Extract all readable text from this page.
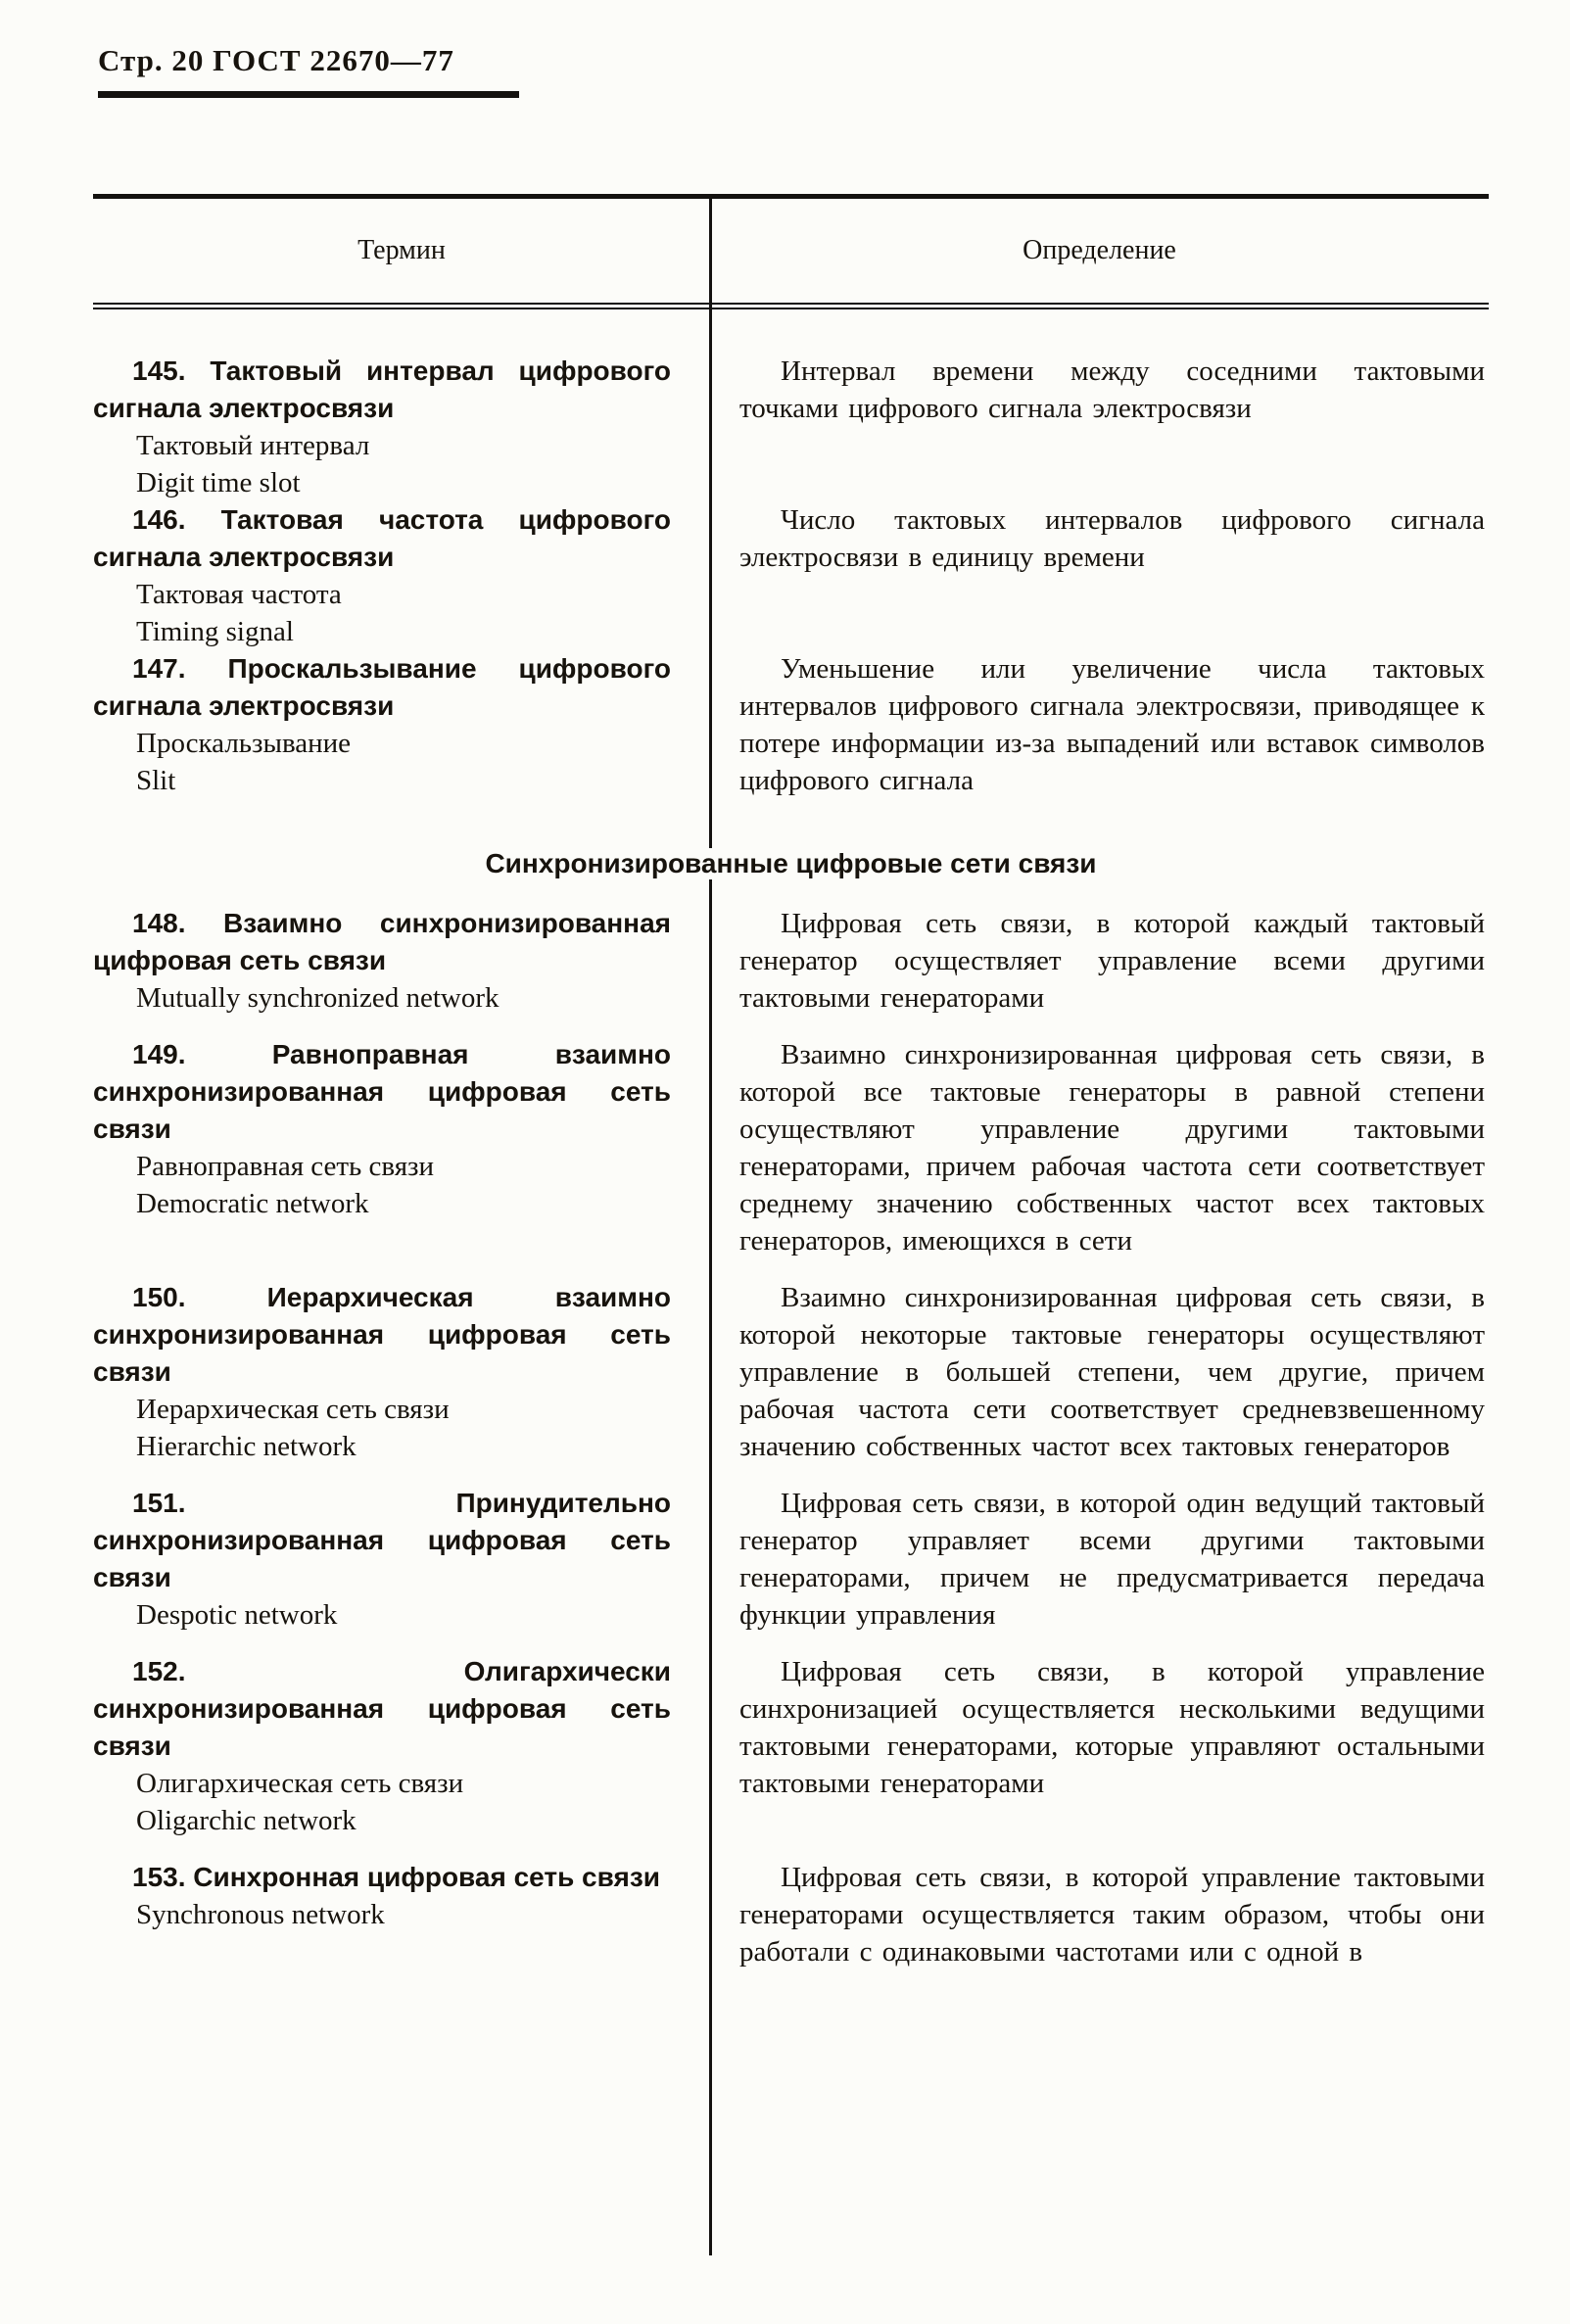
Стр. 20 ГОСТ 22670—77
Термин	Определение

145. Тактовый интервал цифрового сигнала электросвязи

Тактовый интервал

Digit time slot

Интервал времени между соседними тактовыми точками цифрового сигнала электросвязи

146. Тактовая частота цифрового сигнала электросвязи

Тактовая частота

Timing signal

Число тактовых интервалов цифрового сигнала электросвязи в единицу времени

147. Проскальзывание цифрового сигнала электросвязи

Проскальзывание

Slit

Уменьшение или увеличение числа тактовых интервалов цифрового сигнала электросвязи, приводящее к потере информации из-за выпадений или вставок символов цифрового сигнала

Синхронизированные цифровые сети связи

148. Взаимно синхронизированная цифровая сеть связи

Mutually synchronized network

Цифровая сеть связи, в которой каждый тактовый генератор осуществляет управление всеми другими тактовыми генераторами

149. Равноправная взаимно синхронизированная цифровая сеть связи

Равноправная сеть связи

Democratic network

Взаимно синхронизированная цифровая сеть связи, в которой все тактовые генераторы в равной степени осуществляют управление другими тактовыми генераторами, причем рабочая частота сети соответствует среднему значению собственных частот всех тактовых генераторов, имеющихся в сети

150. Иерархическая взаимно синхронизированная цифровая сеть связи

Иерархическая сеть связи

Hierarchic network

Взаимно синхронизированная цифровая сеть связи, в которой некоторые тактовые генераторы осуществляют управление в большей степени, чем другие, причем рабочая частота сети соответствует средневзвешенному значению собственных частот всех тактовых генераторов

151. Принудительно синхронизированная цифровая сеть связи

Despotic network

Цифровая сеть связи, в которой один ведущий тактовый генератор управляет всеми другими тактовыми генераторами, причем не предусматривается передача функции управления

152. Олигархически синхронизированная цифровая сеть связи

Олигархическая сеть связи

Oligarchic network

Цифровая сеть связи, в которой управление синхронизацией осуществляется несколькими ведущими тактовыми генераторами, которые управляют остальными тактовыми генераторами

153. Синхронная цифровая сеть связи

Synchronous network

Цифровая сеть связи, в которой управление тактовыми генераторами осуществляется таким образом, чтобы они работали с одинаковыми частотами или с одной в
